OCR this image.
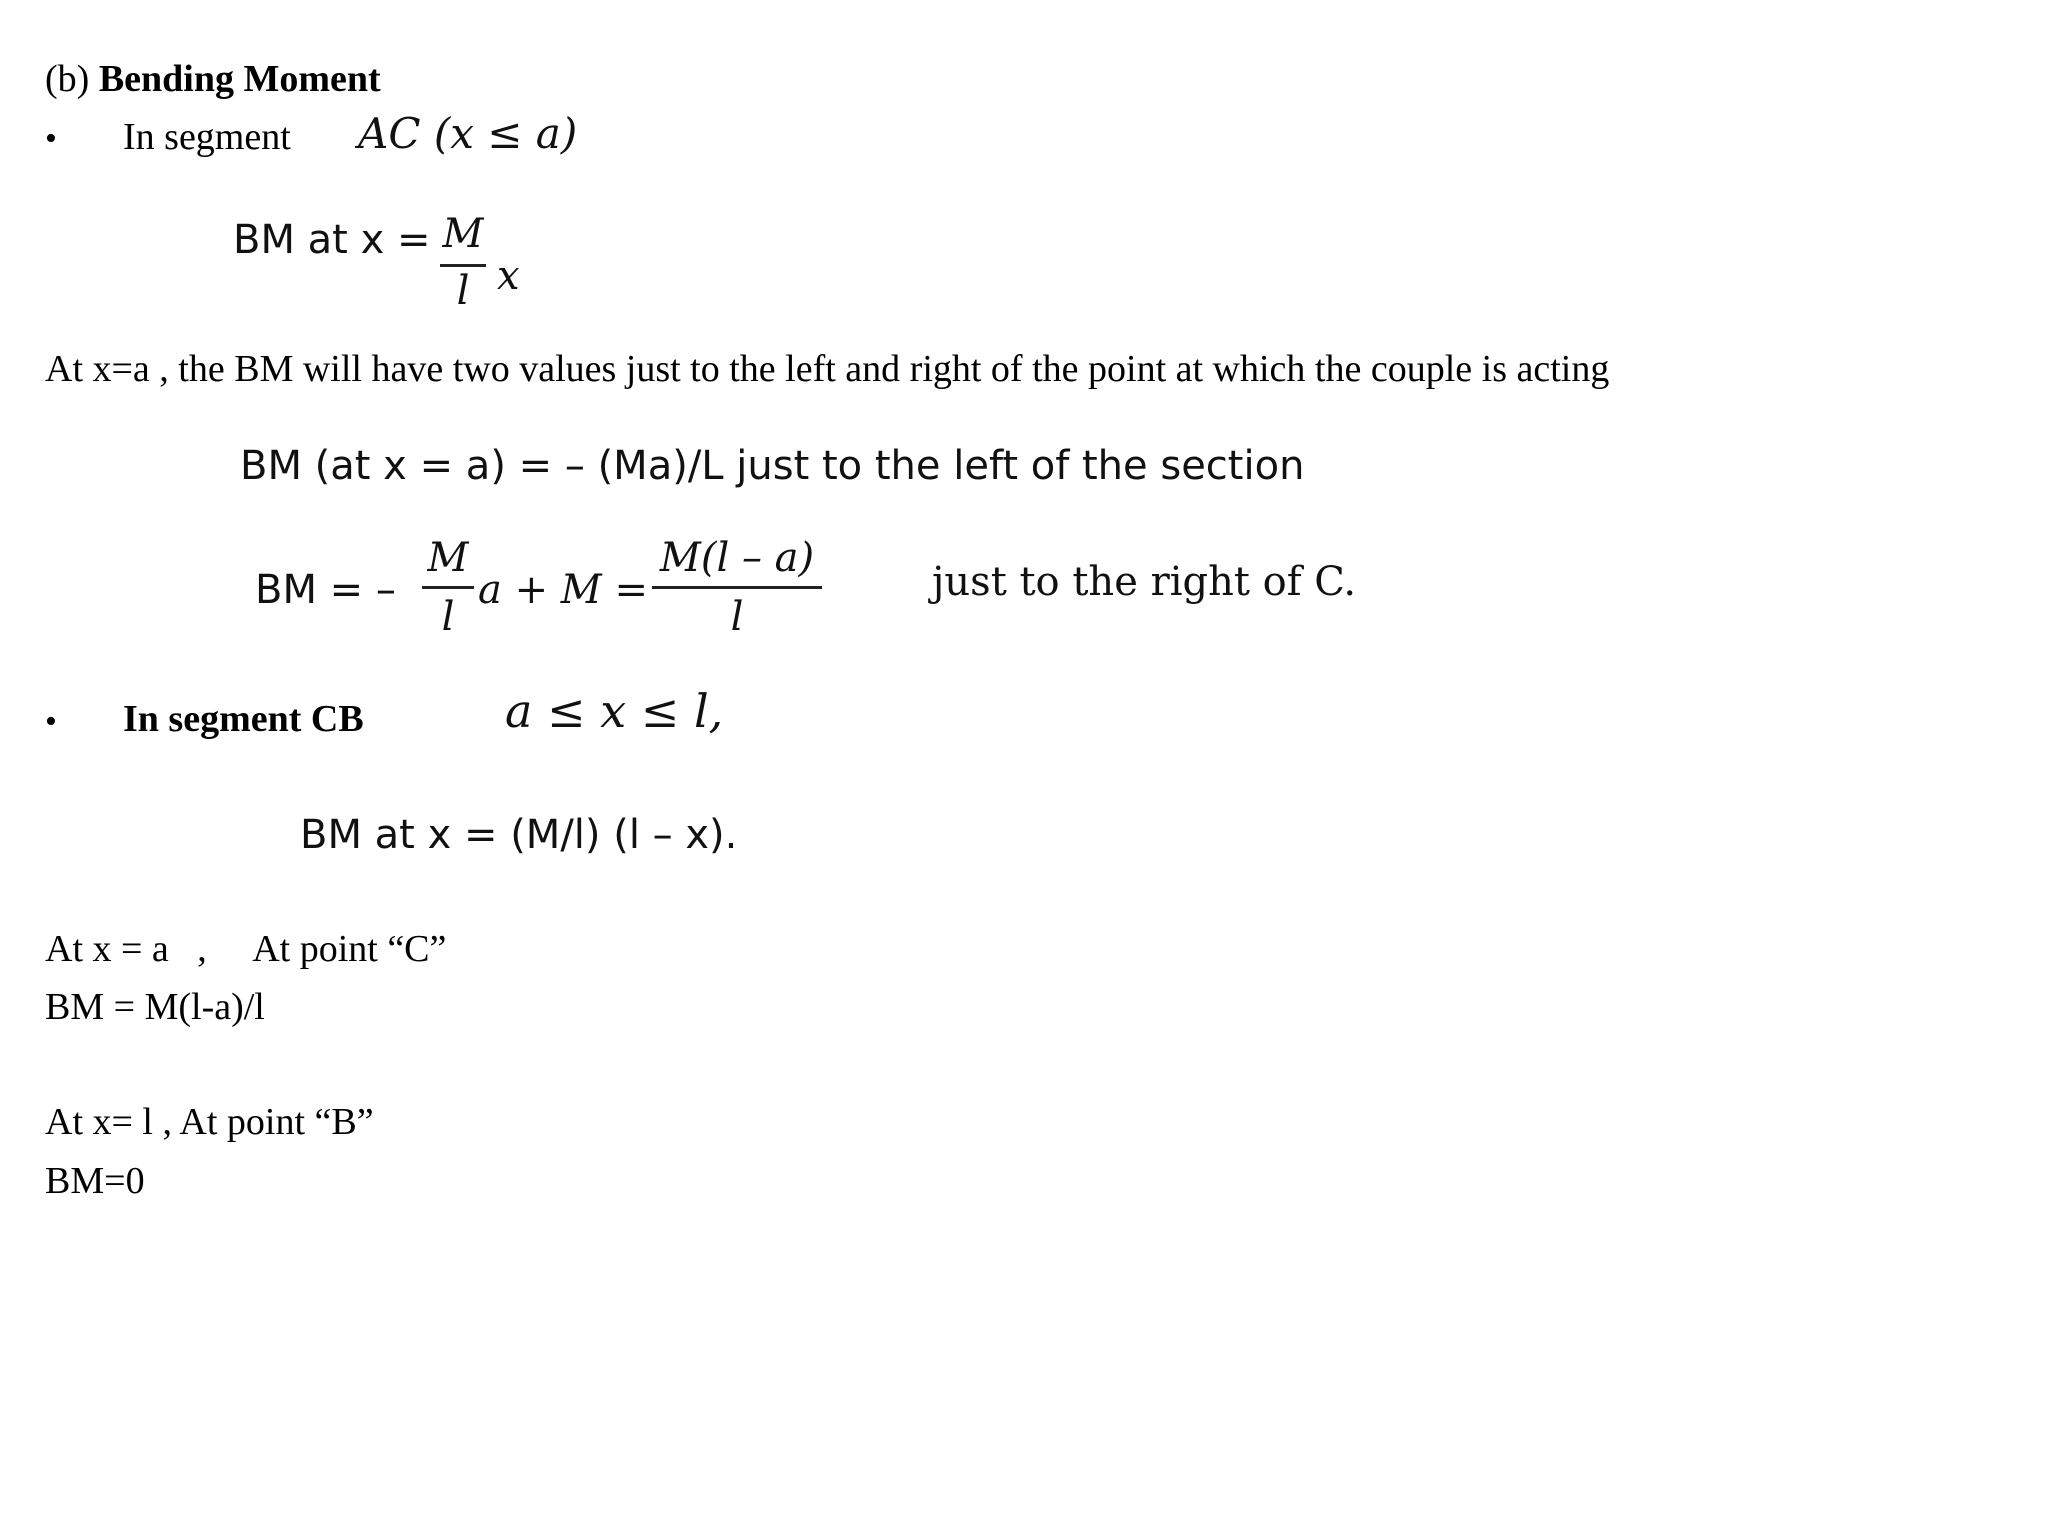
(b) Bending Moment
• In segment AC (x ≤ a)
BM at x = M
l x
At x=a , the BM will have two values just to the left and right of the point at which the couple is acting
BM (at x = a) = – (Ma)/L just to the left of the section
BM = –
M
l
a + M =
M(l – a)
l
just to the right of C.
• In segment CB	a ≤ x ≤ l,
BM at x = (M/l) (l – x).
At x = a   ,     At point “C”
BM = M(l-a)/l
At x= l , At point “B”
BM=0
